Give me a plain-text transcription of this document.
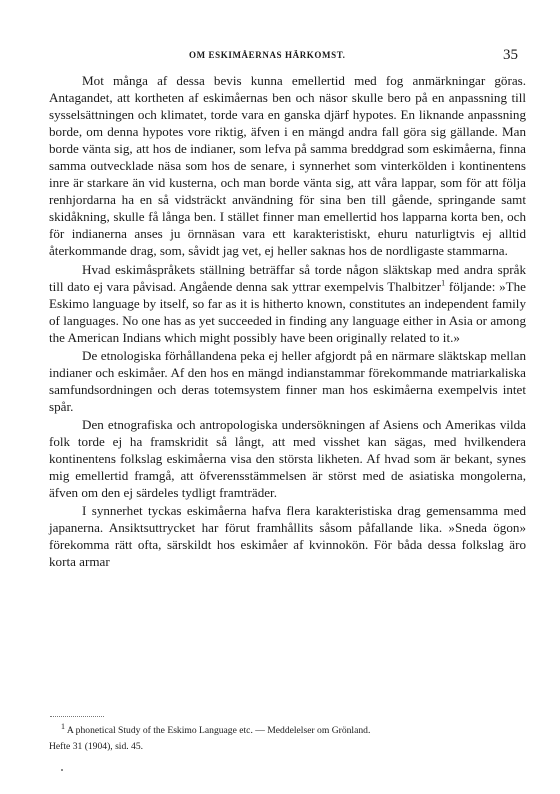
OM ESKIMÅERNAS HÄRKOMST.	35

Mot många af dessa bevis kunna emellertid med fog anmärkningar göras. Antagandet, att kortheten af eskimåernas ben och näsor skulle bero på en anpassning till sysselsättningen och klimatet, torde vara en ganska djärf hypotes. En liknande anpassning borde, om denna hypotes vore riktig, äfven i en mängd andra fall göra sig gällande. Man borde vänta sig, att hos de indianer, som lefva på samma breddgrad som eskimåerna, finna samma outvecklade näsa som hos de senare, i synnerhet som vinterkölden i kontinentens inre är starkare än vid kusterna, och man borde vänta sig, att våra lappar, som för att följa renhjordarna ha en så vidsträckt användning för sina ben till gående, springande samt skidåkning, skulle få långa ben. I stället finner man emellertid hos lapparna korta ben, och för indianerna anses ju örnnäsan vara ett karakteristiskt, ehuru naturligtvis ej alltid återkommande drag, som, såvidt jag vet, ej heller saknas hos de nordligaste stammarna.

Hvad eskimåspråkets ställning beträffar så torde någon släktskap med andra språk till dato ej vara påvisad. Angående denna sak yttrar exempelvis Thalbitzer$^1$ följande: »The Eskimo language by itself, so far as it is hitherto known, constitutes an independent family of languages. No one has as yet succeeded in finding any language either in Asia or among the American Indians which might possibly have been originally related to it.»

De etnologiska förhållandena peka ej heller afgjordt på en närmare släktskap mellan indianer och eskimåer. Af den hos en mängd indianstammar förekommande matriarkaliska samfundsordningen och deras totemsystem finner man hos eskimåerna exempelvis intet spår.

Den etnografiska och antropologiska undersökningen af Asiens och Amerikas vilda folk torde ej ha framskridit så långt, att med visshet kan sägas, med hvilkendera kontinentens folkslag eskimåerna visa den största likheten. Af hvad som är bekant, synes mig emellertid framgå, att öfverensstämmelsen är störst med de asiatiska mongolerna, äfven om den ej särdeles tydligt framträder.

I synnerhet tyckas eskimåerna hafva flera karakteristiska drag gemensamma med japanerna. Ansiktsuttrycket har förut framhållits såsom påfallande lika. »Sneda ögon» förekomma rätt ofta, särskildt hos eskimåer af kvinnokön. För båda dessa folkslag äro korta armar

$^1$ A phonetical Study of the Eskimo Language etc. — Meddelelser om Grönland.
Hefte 31 (1904), sid. 45.
